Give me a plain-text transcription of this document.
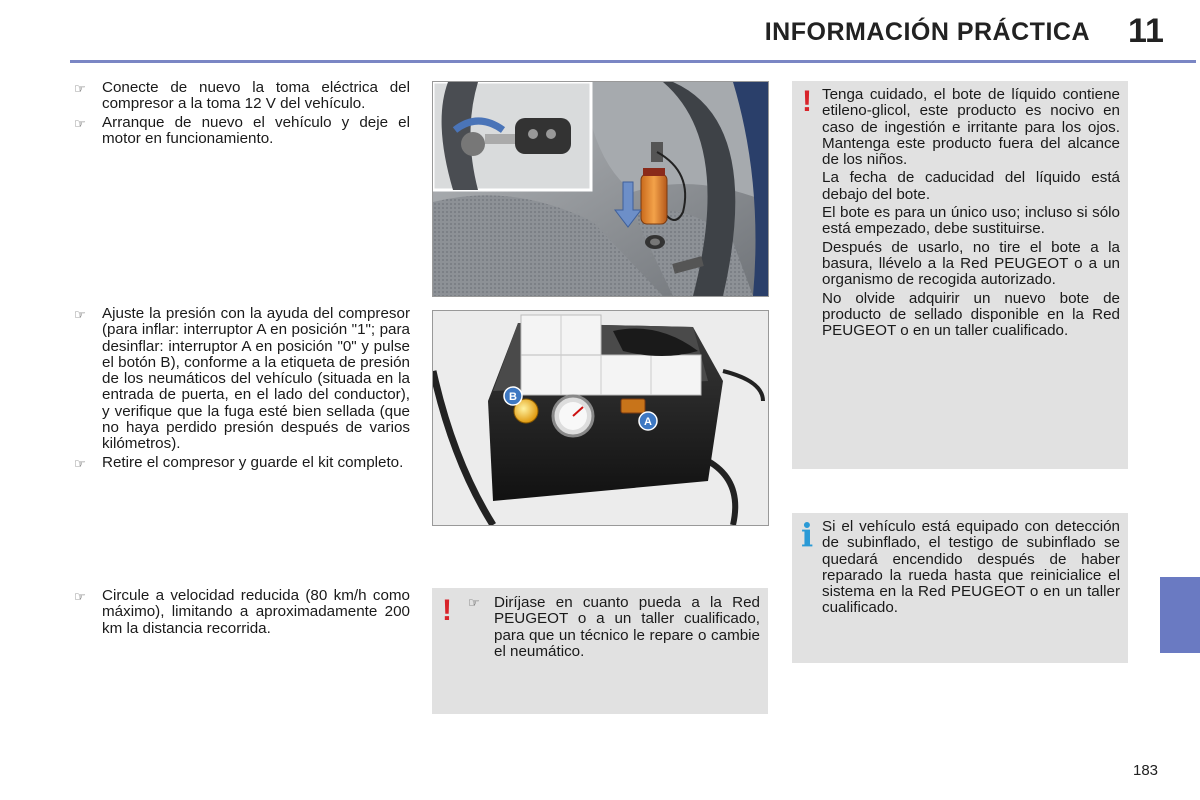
INFORMACIÓN PRÁCTICA 11
☞ Conecte de nuevo la toma eléctrica del compresor a la toma 12 V del vehículo.
☞ Arranque de nuevo el vehículo y deje el motor en funcionamiento.
☞ Ajuste la presión con la ayuda del compresor (para inflar: interruptor A en posición "1"; para desinflar: interruptor A en posición "0" y pulse el botón B), conforme a la etiqueta de presión de los neumáticos del vehículo (situada en la entrada de puerta, en el lado del conductor), y verifique que la fuga esté bien sellada (que no haya perdido presión después de varios kilómetros).
☞ Retire el compresor y guarde el kit completo.
☞ Circule a velocidad reducida (80 km/h como máximo), limitando a aproximadamente 200 km la distancia recorrida.
B
A
! Tenga cuidado, el bote de líquido contiene etileno-glicol, este producto es nocivo en caso de ingestión e irritante para los ojos. Mantenga este producto fuera del alcance de los niños.

La fecha de caducidad del líquido está debajo del bote.

El bote es para un único uso; incluso si sólo está empezado, debe sustituirse.

Después de usarlo, no tire el bote a la basura, llévelo a la Red PEUGEOT o a un organismo de recogida autorizado.

No olvide adquirir un nuevo bote de producto de sellado disponible en la Red PEUGEOT o en un taller cualificado.

i Si el vehículo está equipado con detección de subinflado, el testigo de subinflado se quedará encendido después de haber reparado la rueda hasta que reinicialice el sistema en la Red PEUGEOT o en un taller cualificado.
! ☞ Diríjase en cuanto pueda a la Red PEUGEOT o a un taller cualificado, para que un técnico le repare o cambie el neumático.
183
